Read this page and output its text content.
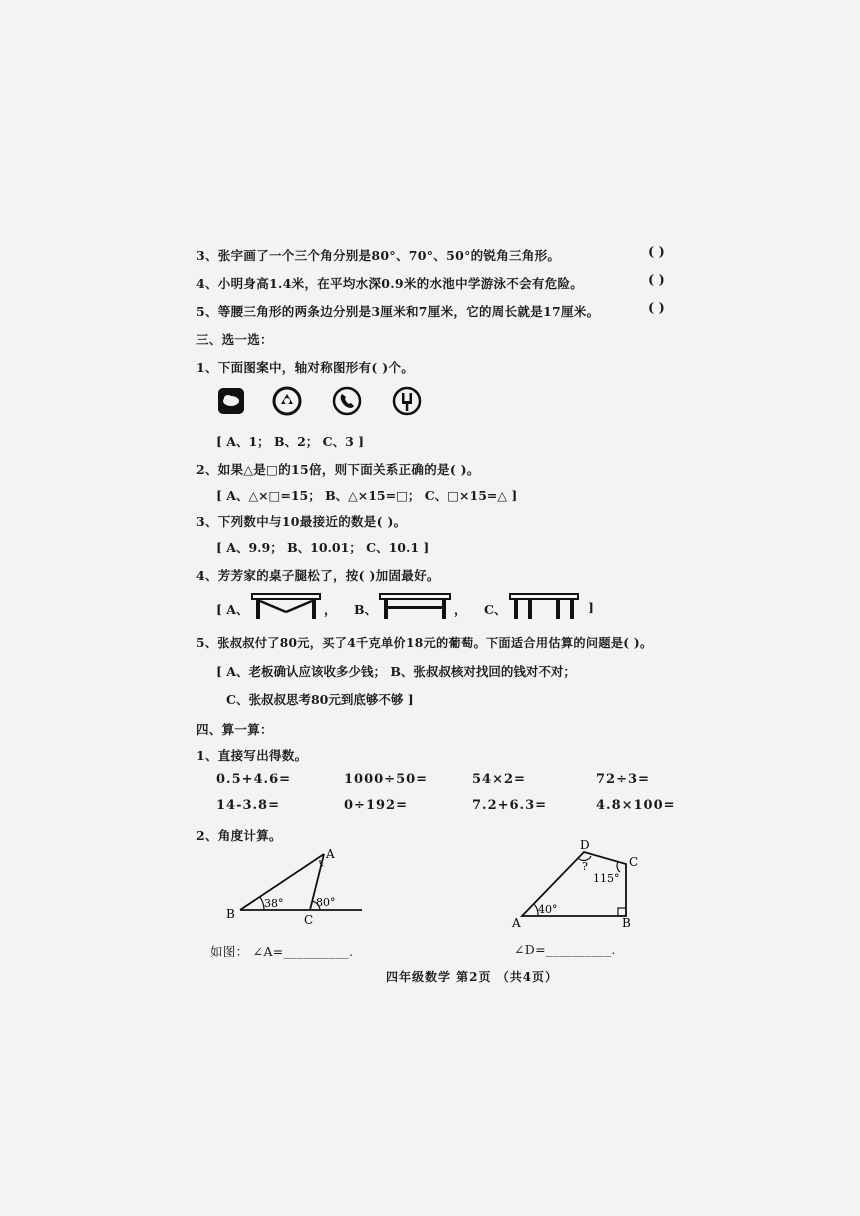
3、张宇画了一个三个角分别是80°、70°、50°的锐角三角形。	( )
4、小明身高1.4米，在平均水深0.9米的水池中学游泳不会有危险。	( )
5、等腰三角形的两条边分别是3厘米和7厘米，它的周长就是17厘米。	( )
三、选一选：
1、下面图案中，轴对称图形有( )个。
[ A、1； B、2； C、3 ]
2、如果△是□的15倍，则下面关系正确的是( )。
[ A、△×□=15； B、△×15=□； C、□×15=△ ]
3、下列数中与10最接近的数是( )。
[ A、9.9； B、10.01； C、10.1 ]
4、芳芳家的桌子腿松了，按( )加固最好。
[ A、	， B、	， C、	]
5、张叔叔付了80元，买了4千克单价18元的葡萄。下面适合用估算的问题是( )。
[ A、老板确认应该收多少钱； B、张叔叔核对找回的钱对不对；
C、张叔叔思考80元到底够不够 ]
四、算一算：
1、直接写出得数。
0.5+4.6=	1000÷50=	54×2=	72÷3=
14-3.8=	0÷192=	7.2+6.3=	4.8×100=
2、角度计算。
B
A
C
38°	80°
A	B
C
D
40°
115°
?
如图： ∠A=__________.	∠D=__________.
四年级数学 第2页 （共4页）
